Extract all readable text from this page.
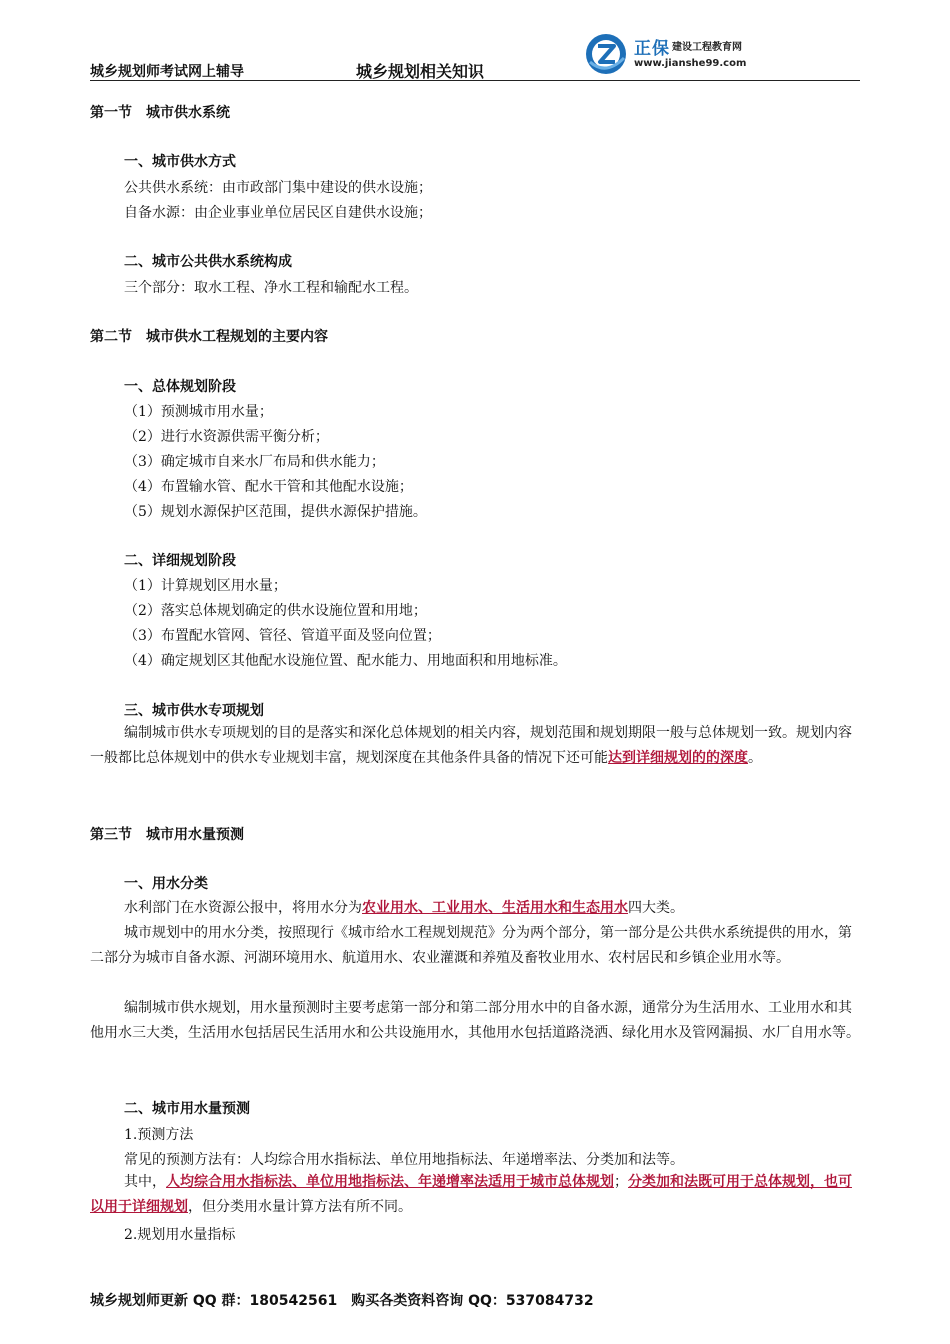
城乡规划师考试网上辅导	城乡规划相关知识
正保 建设工程教育网
www.jianshe99.com
第一节　城市供水系统
一、城市供水方式
公共供水系统：由市政部门集中建设的供水设施；
自备水源：由企业事业单位居民区自建供水设施；
二、城市公共供水系统构成
三个部分：取水工程、净水工程和输配水工程。
第二节　城市供水工程规划的主要内容
一、总体规划阶段
（1）预测城市用水量；
（2）进行水资源供需平衡分析；
（3）确定城市自来水厂布局和供水能力；
（4）布置输水管、配水干管和其他配水设施；
（5）规划水源保护区范围，提供水源保护措施。
二、详细规划阶段
（1）计算规划区用水量；
（2）落实总体规划确定的供水设施位置和用地；
（3）布置配水管网、管径、管道平面及竖向位置；
（4）确定规划区其他配水设施位置、配水能力、用地面积和用地标准。
三、城市供水专项规划
编制城市供水专项规划的目的是落实和深化总体规划的相关内容，规划范围和规划期限一般与总体规划一致。规划内容一般都比总体规划中的供水专业规划丰富，规划深度在其他条件具备的情况下还可能达到详细规划的的深度。
第三节　城市用水量预测
一、用水分类
水利部门在水资源公报中，将用水分为农业用水、工业用水、生活用水和生态用水四大类。
城市规划中的用水分类，按照现行《城市给水工程规划规范》分为两个部分，第一部分是公共供水系统提供的用水，第二部分为城市自备水源、河湖环境用水、航道用水、农业灌溉和养殖及畜牧业用水、农村居民和乡镇企业用水等。
编制城市供水规划，用水量预测时主要考虑第一部分和第二部分用水中的自备水源，通常分为生活用水、工业用水和其他用水三大类，生活用水包括居民生活用水和公共设施用水，其他用水包括道路浇洒、绿化用水及管网漏损、水厂自用水等。
二、城市用水量预测
1.预测方法
常见的预测方法有：人均综合用水指标法、单位用地指标法、年递增率法、分类加和法等。
其中，人均综合用水指标法、单位用地指标法、年递增率法适用于城市总体规划；分类加和法既可用于总体规划，也可以用于详细规划，但分类用水量计算方法有所不同。
2.规划用水量指标
城乡规划师更新 QQ 群：180542561　购买各类资料咨询 QQ：537084732
